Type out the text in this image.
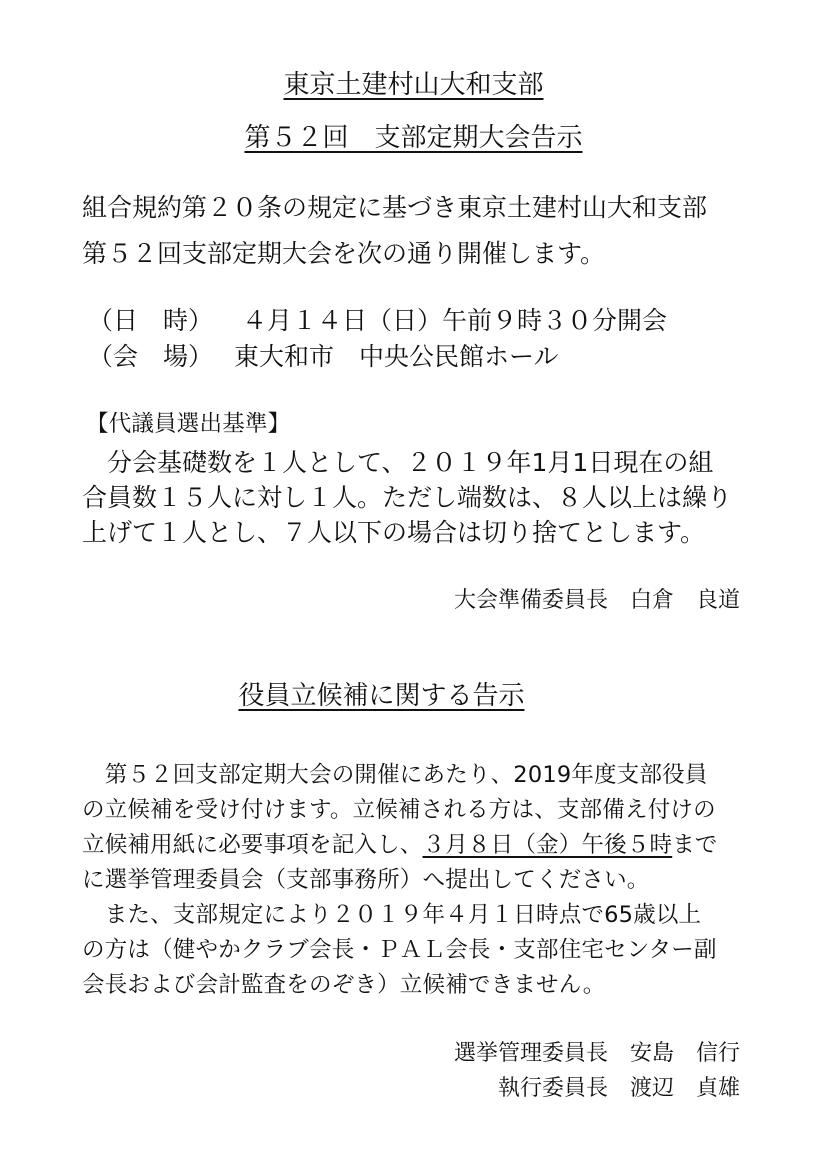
東京土建村山大和支部
第５２回　支部定期大会告示
組合規約第２０条の規定に基づき東京土建村山大和支部
第５２回支部定期大会を次の通り開催します。
（日　時） ４月１４日（日）午前９時３０分開会
（会　場） 東大和市　中央公民館ホール
【代議員選出基準】
　分会基礎数を１人として、２０１９年1月1日現在の組
合員数１５人に対し１人。ただし端数は、８人以上は繰り
上げて１人とし、７人以下の場合は切り捨てとします。
大会準備委員長　白倉　良道
役員立候補に関する告示
　第５２回支部定期大会の開催にあたり、2019年度支部役員
の立候補を受け付けます。立候補される方は、支部備え付けの
立候補用紙に必要事項を記入し、３月８日（金）午後５時まで
に選挙管理委員会（支部事務所）へ提出してください。
　また、支部規定により２０１９年４月１日時点で65歳以上
の方は（健やかクラブ会長・ＰＡＬ会長・支部住宅センター副
会長および会計監査をのぞき）立候補できません。
選挙管理委員長　安島　信行
執行委員長　渡辺　貞雄
